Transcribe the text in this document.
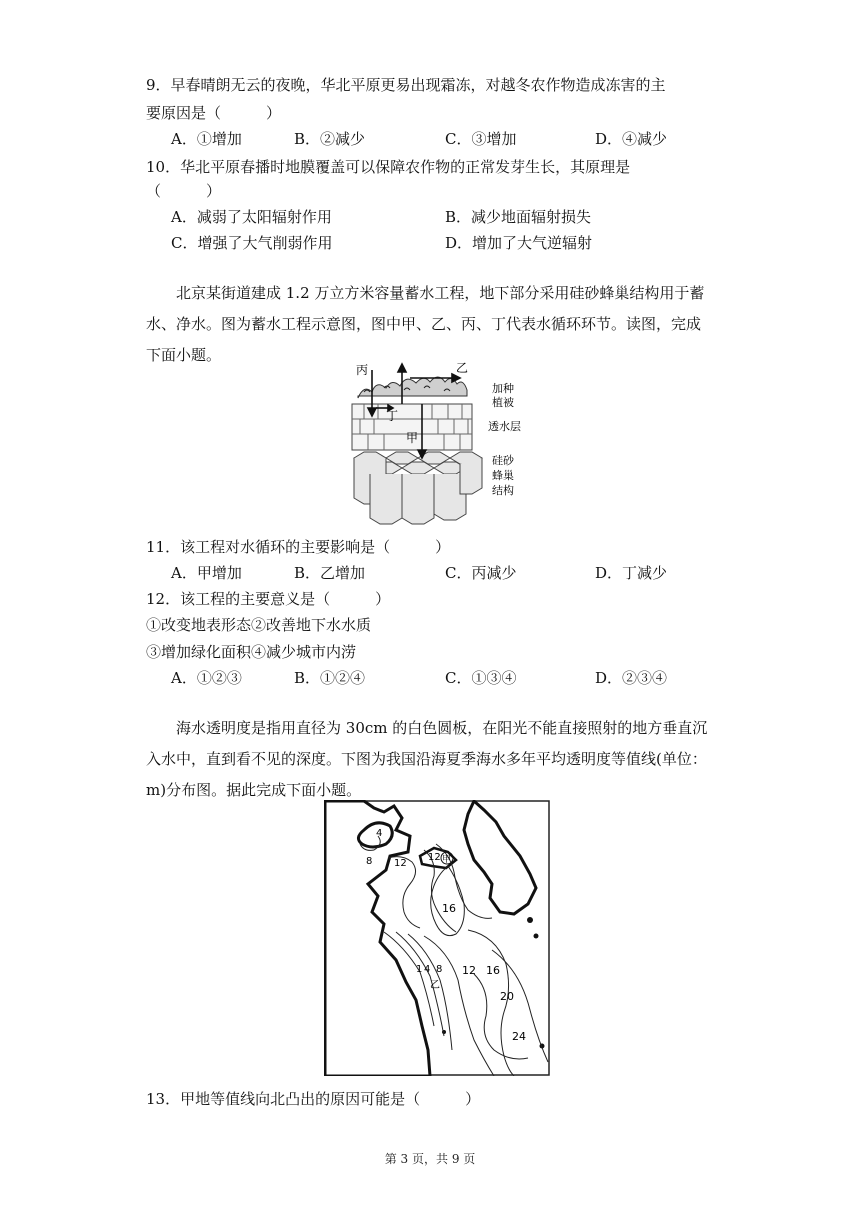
9．早春晴朗无云的夜晚，华北平原更易出现霜冻，对越冬农作物造成冻害的主
要原因是（　　　）
A．①增加	B．②减少	C．③增加	D．④减少
10．华北平原春播时地膜覆盖可以保障农作物的正常发芽生长，其原理是
（　　　）
A．减弱了太阳辐射作用	B．减少地面辐射损失
C．增强了大气削弱作用	D．增加了大气逆辐射
北京某街道建成 1.2 万立方米容量蓄水工程，地下部分采用硅砂蜂巢结构用于蓄水、净水。图为蓄水工程示意图，图中甲、乙、丙、丁代表水循环环节。读图，完成下面小题。
丙	乙
丁
甲
加种
植被
透水层
硅砂
蜂巢
结构
11．该工程对水循环的主要影响是（　　　）
A．甲增加	B．乙增加	C．丙减少	D．丁减少
12．该工程的主要意义是（　　　）
①改变地表形态②改善地下水水质
③增加绿化面积④减少城市内涝
A．①②③	B．①②④	C．①③④	D．②③④
海水透明度是指用直径为 30cm 的白色圆板，在阳光不能直接照射的地方垂直沉入水中，直到看不见的深度。下图为我国沿海夏季海水多年平均透明度等值线(单位：m)分布图。据此完成下面小题。
4
8 12
12 甲
16
1 4 8 12 16
乙
20
24
13．甲地等值线向北凸出的原因可能是（　　　）
第 3 页，共 9 页
